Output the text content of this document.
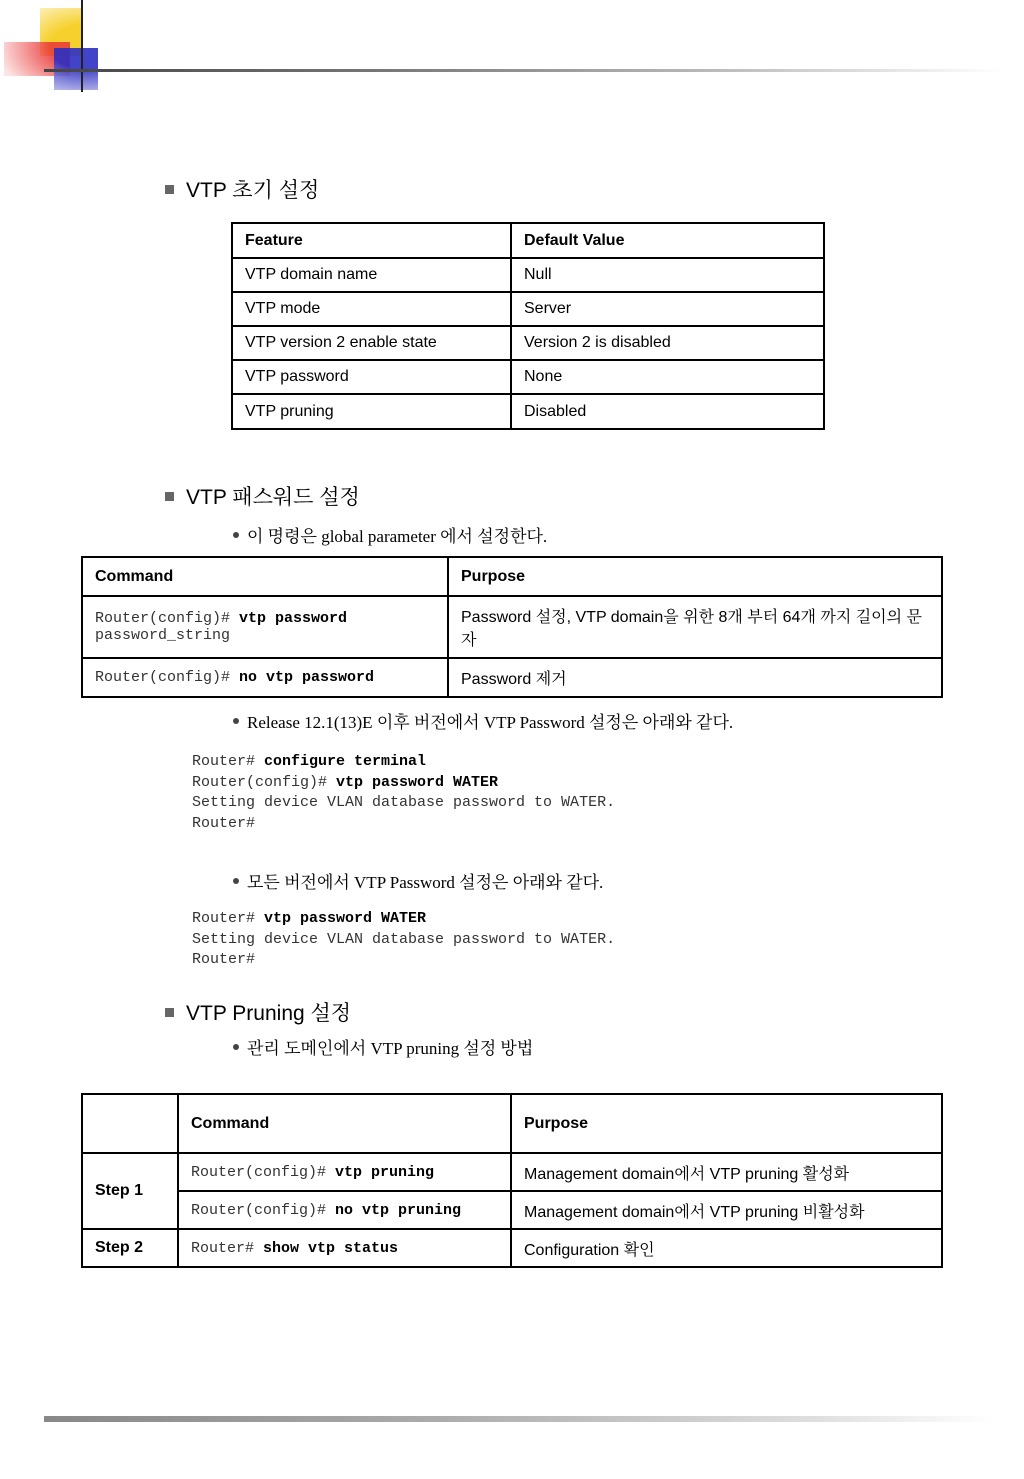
VTP 초기 설정
Feature	Default Value
VTP domain name	Null
VTP mode	Server
VTP version 2 enable state	Version 2 is disabled
VTP password	None
VTP pruning	Disabled
VTP 패스워드 설정
이 명령은 global parameter 에서 설정한다.
Command	Purpose
Router(config)# vtp password
password_string	Password 설정, VTP domain을 위한 8개 부터 64개 까지 길이의 문자
Router(config)# no vtp password	Password 제거
Release 12.1(13)E 이후 버전에서 VTP Password 설정은 아래와 같다.
Router# configure terminal
Router(config)# vtp password WATER
Setting device VLAN database password to WATER.
Router#
모든 버전에서 VTP Password 설정은 아래와 같다.
Router# vtp password WATER
Setting device VLAN database password to WATER.
Router#
VTP Pruning 설정
관리 도메인에서 VTP pruning 설정 방법
	Command	Purpose
Step 1	Router(config)# vtp pruning	Management domain에서 VTP pruning 활성화
	Router(config)# no vtp pruning	Management domain에서 VTP pruning 비활성화
Step 2	Router# show vtp status	Configuration 확인
